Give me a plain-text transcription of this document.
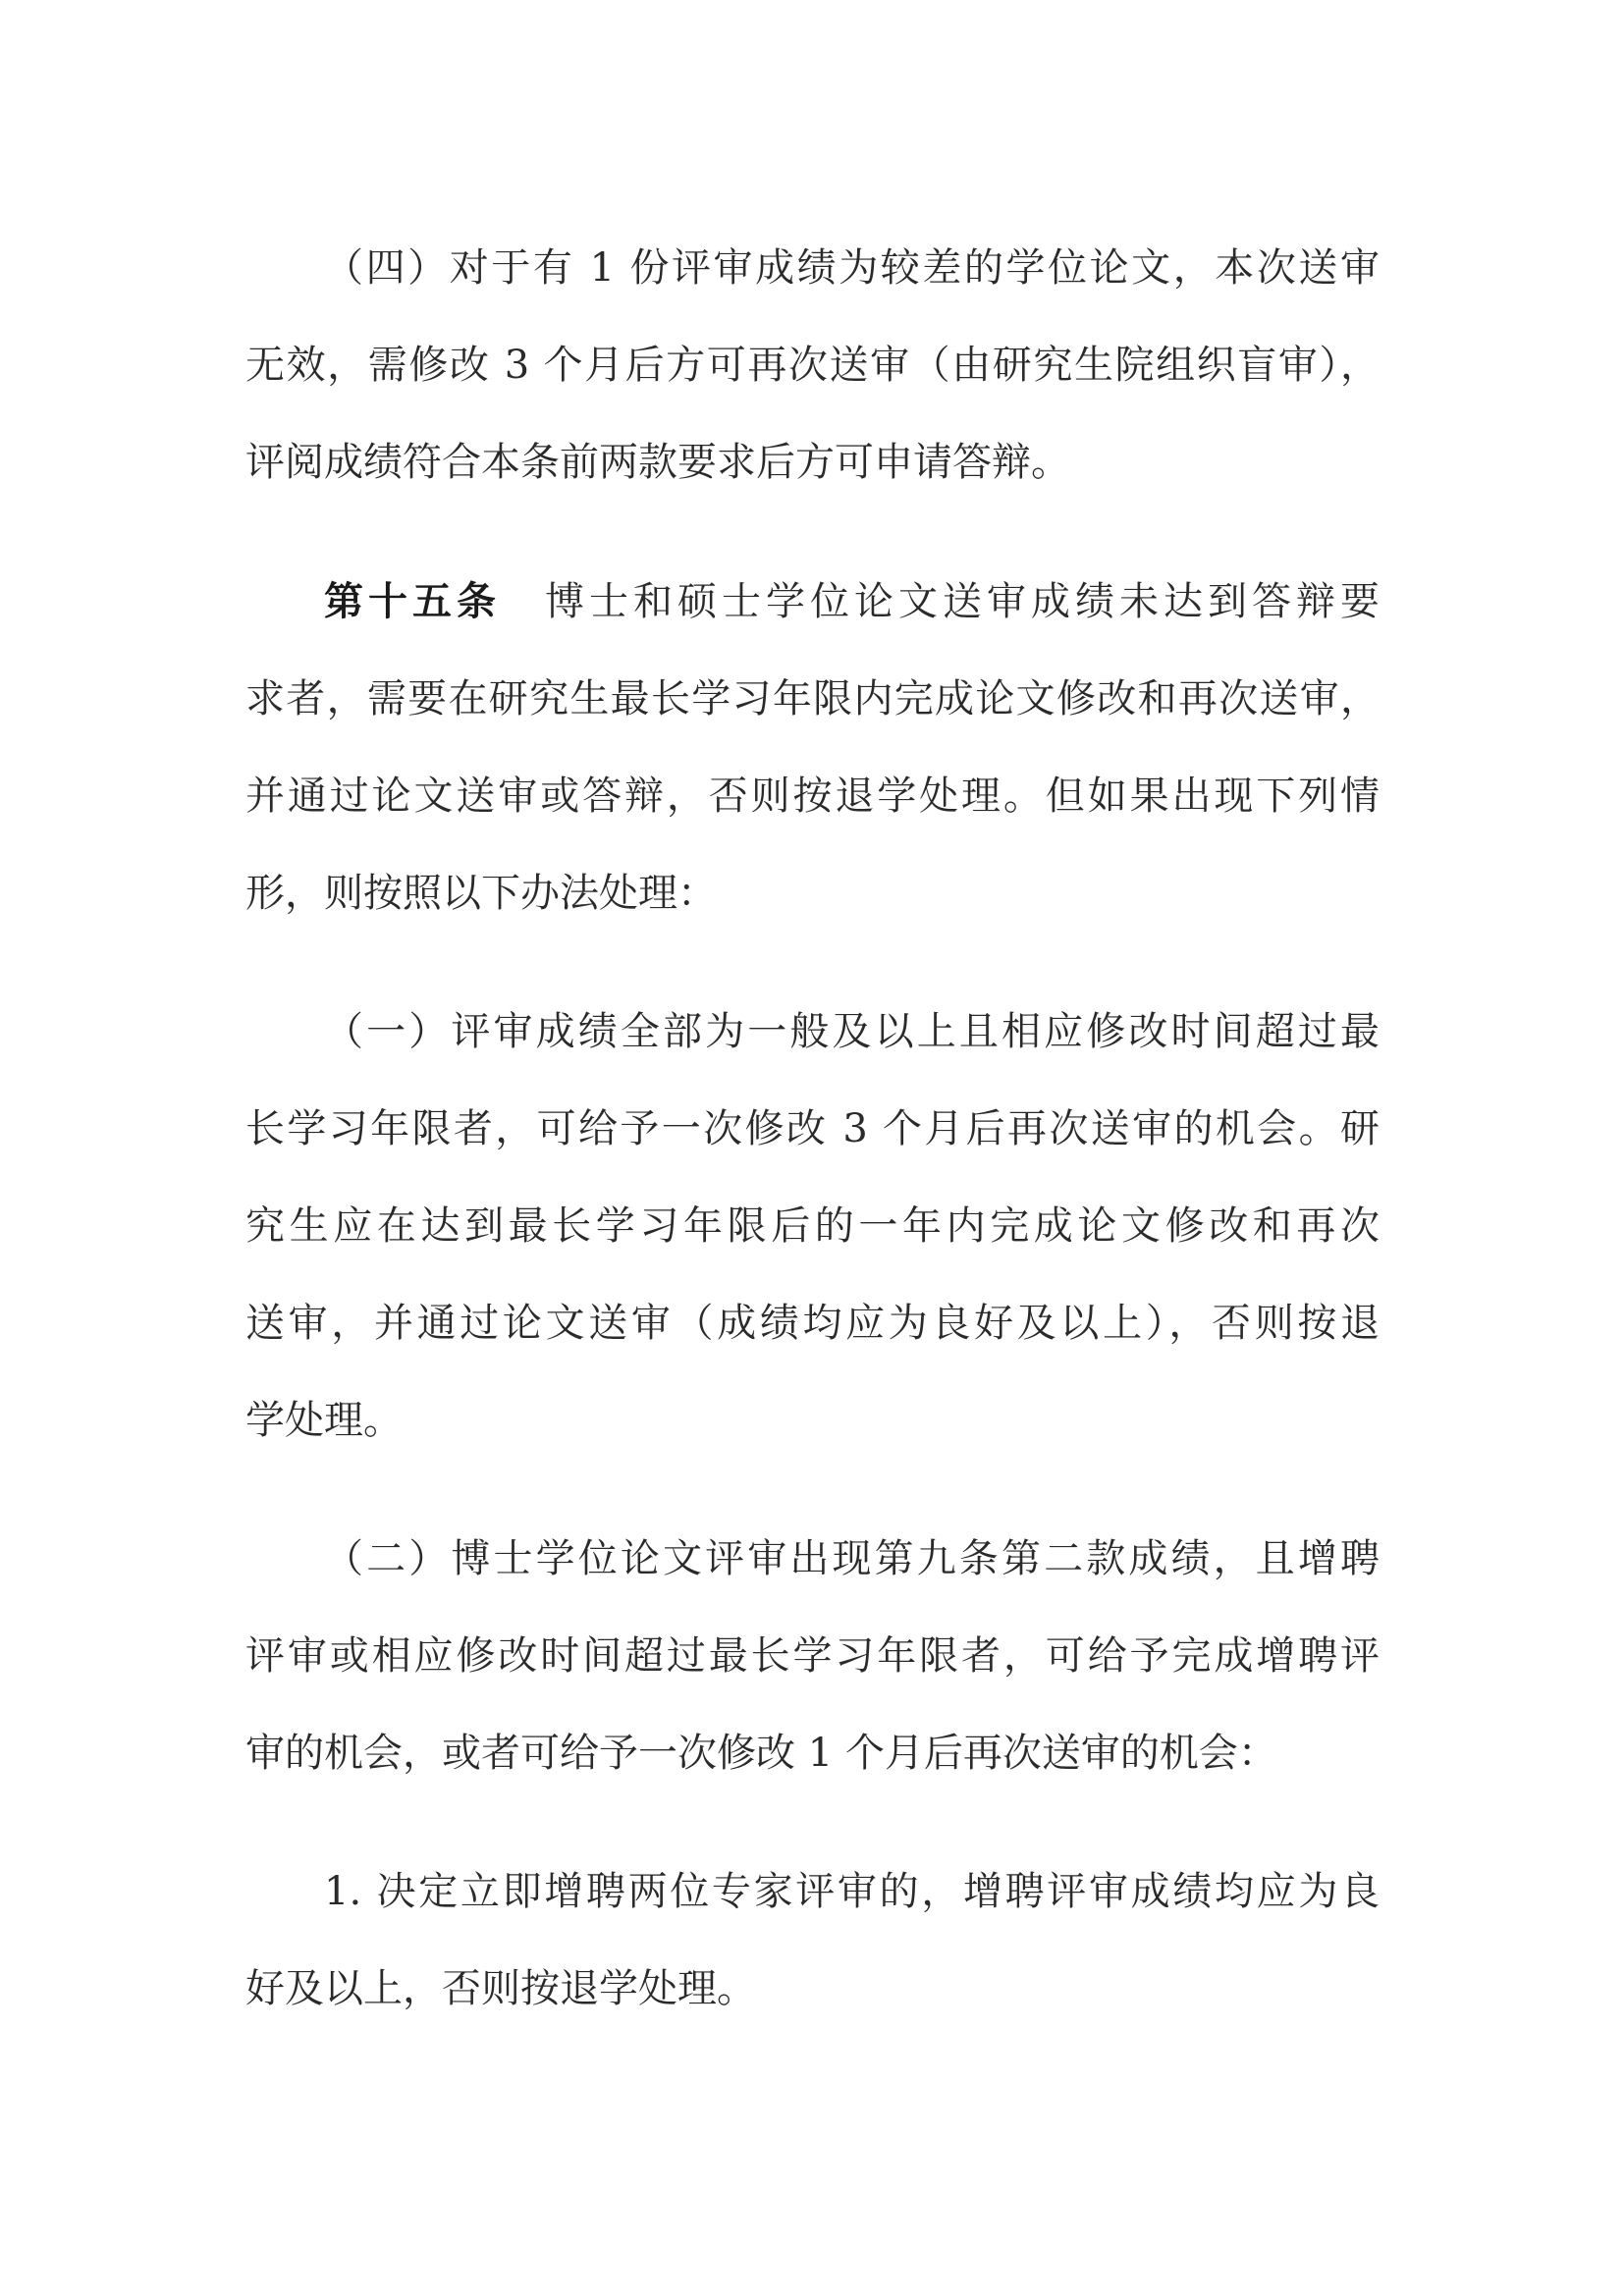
（四）对于有 1 份评审成绩为较差的学位论文，本次送审
无效，需修改 3 个月后方可再次送审（由研究生院组织盲审），
评阅成绩符合本条前两款要求后方可申请答辩。

第十五条　博士和硕士学位论文送审成绩未达到答辩要
求者，需要在研究生最长学习年限内完成论文修改和再次送审，
并通过论文送审或答辩，否则按退学处理。但如果出现下列情
形，则按照以下办法处理：

（一）评审成绩全部为一般及以上且相应修改时间超过最
长学习年限者，可给予一次修改 3 个月后再次送审的机会。研
究生应在达到最长学习年限后的一年内完成论文修改和再次
送审，并通过论文送审（成绩均应为良好及以上），否则按退
学处理。

（二）博士学位论文评审出现第九条第二款成绩，且增聘
评审或相应修改时间超过最长学习年限者，可给予完成增聘评
审的机会，或者可给予一次修改 1 个月后再次送审的机会：

1. 决定立即增聘两位专家评审的，增聘评审成绩均应为良
好及以上，否则按退学处理。
